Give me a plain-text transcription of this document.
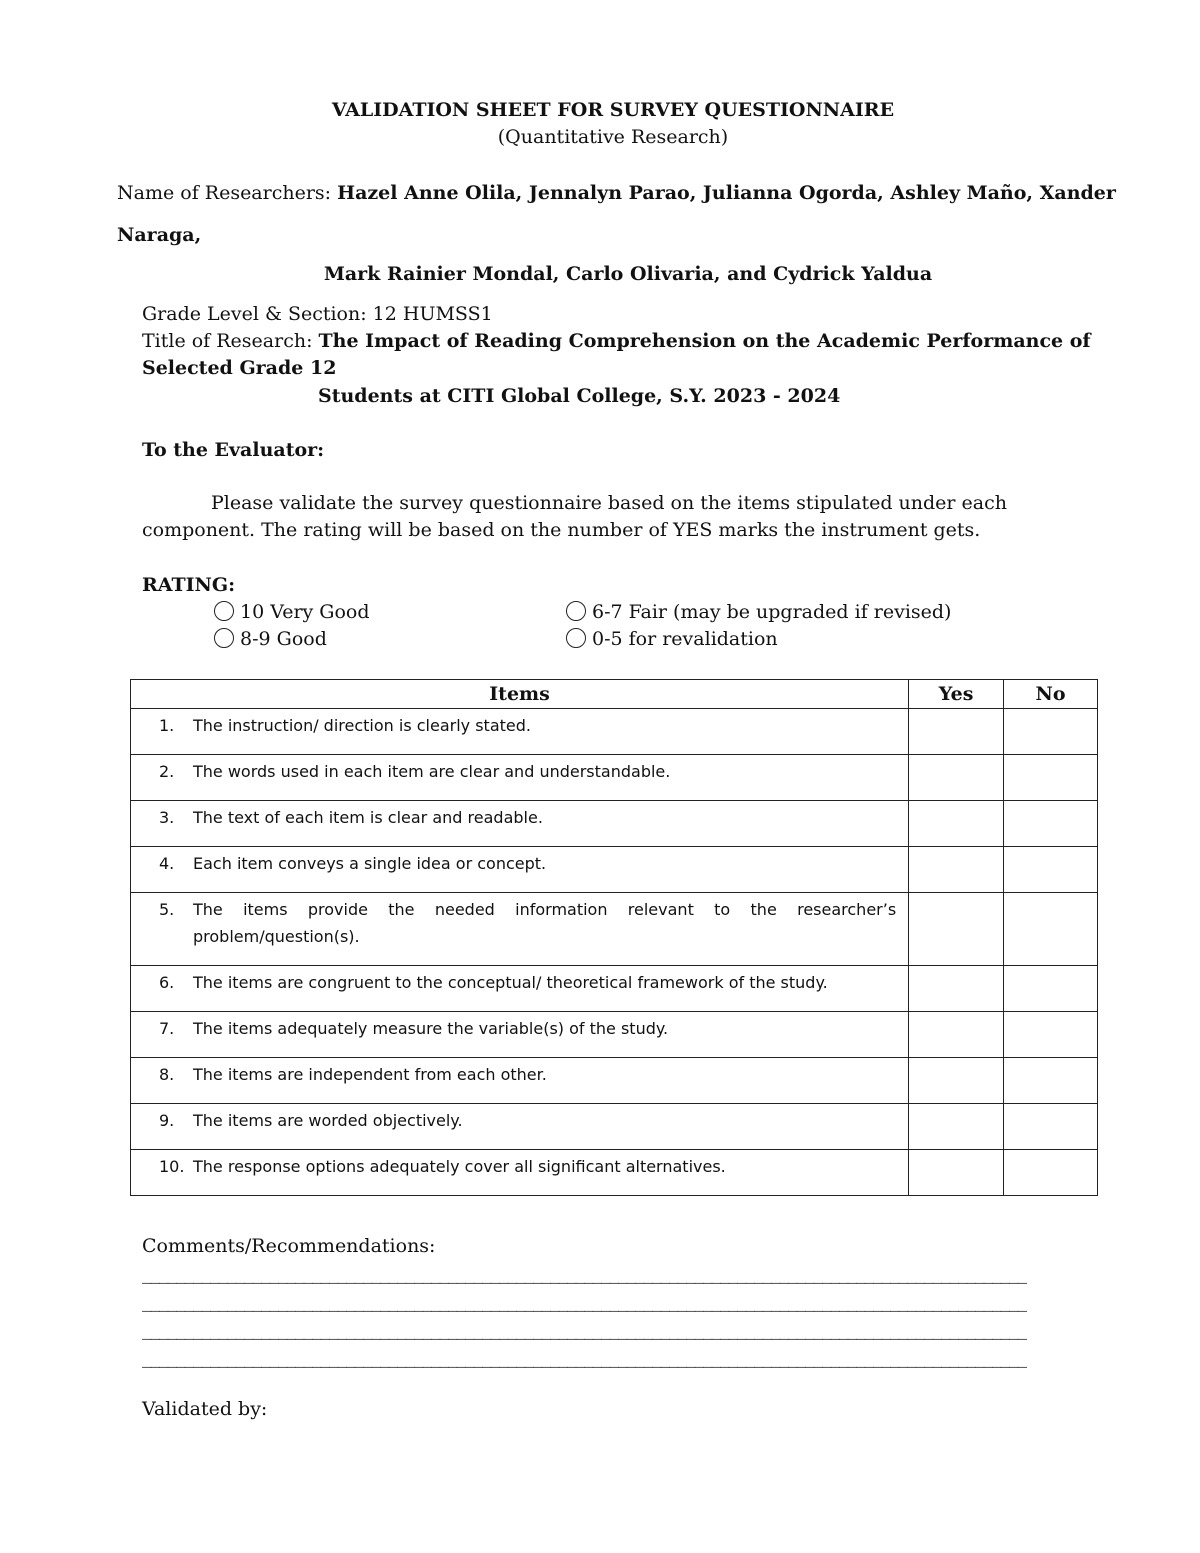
VALIDATION SHEET FOR SURVEY QUESTIONNAIRE
(Quantitative Research)
Name of Researchers: Hazel Anne Olila, Jennalyn Parao, Julianna Ogorda, Ashley Maño, Xander
Naraga,
Mark Rainier Mondal, Carlo Olivaria, and Cydrick Yaldua
Grade Level & Section: 12 HUMSS1
Title of Research: The Impact of Reading Comprehension on the Academic Performance of
Selected Grade 12
Students at CITI Global College, S.Y. 2023 - 2024
To the Evaluator:
Please validate the survey questionnaire based on the items stipulated under each
component. The rating will be based on the number of YES marks the instrument gets.
RATING:
10 Very Good
8-9 Good
6-7 Fair (may be upgraded if revised)
0-5 for revalidation
Items	Yes	No

1. The instruction/ direction is clearly stated.		

2. The words used in each item are clear and understandable.		

3. The text of each item is clear and readable.		

4. Each item conveys a single idea or concept.		

5. The items provide the needed information relevant to the researcher’s problem/question(s).		

6. The items are congruent to the conceptual/ theoretical framework of the study.		

7. The items adequately measure the variable(s) of the study.		

8. The items are independent from each other.		

9. The items are worded objectively.		

10. The response options adequately cover all significant alternatives.		

Comments/Recommendations:
________________________________________________________________________________________________________
________________________________________________________________________________________________________
________________________________________________________________________________________________________
________________________________________________________________________________________________________
Validated by:
